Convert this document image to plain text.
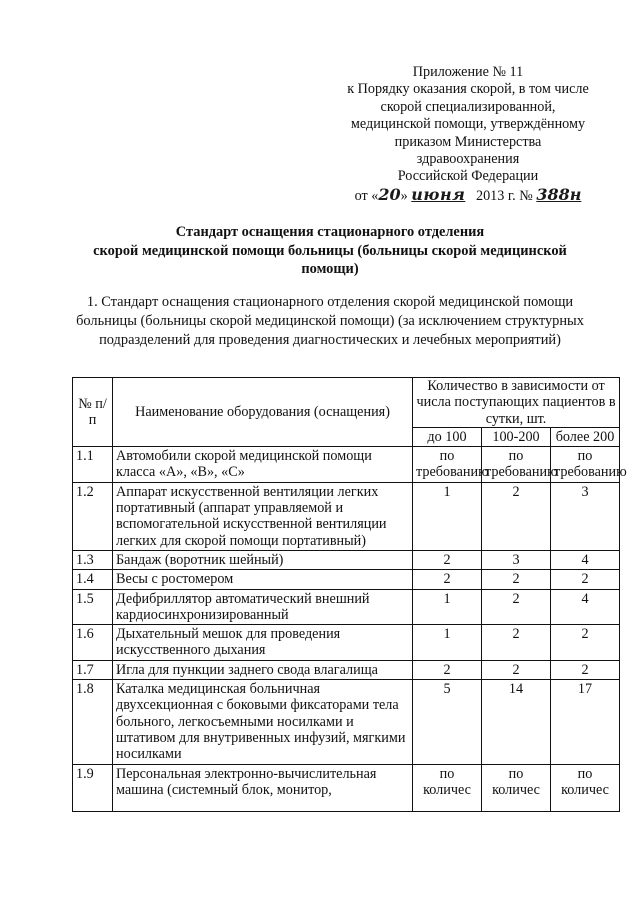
Приложение № 11
к Порядку оказания скорой, в том числе
скорой специализированной,
медицинской помощи, утверждённому
приказом Министерства
здравоохранения
Российской Федерации
от «20» июня 2013 г. № 388н
Стандарт оснащения стационарного отделения
скорой медицинской помощи больницы (больницы скорой медицинской
помощи)
1. Стандарт оснащения стационарного отделения скорой медицинской помощи больницы (больницы скорой медицинской помощи) (за исключением структурных подразделений для проведения диагностических и лечебных мероприятий)
№ п/п	Наименование оборудования (оснащения)	Количество в зависимости от числа поступающих пациентов в сутки, шт.		
		до 100	100-200	более 200
1.1	Автомобили скорой медицинской помощи класса «А», «В», «С»	по требованию	по требованию	по требованию
1.2	Аппарат искусственной вентиляции легких портативный (аппарат управляемой и вспомогательной искусственной вентиляции легких для скорой помощи портативный)	1	2	3
1.3	Бандаж (воротник шейный)	2	3	4
1.4	Весы с ростомером	2	2	2
1.5	Дефибриллятор автоматический внешний кардиосинхронизированный	1	2	4
1.6	Дыхательный мешок для проведения искусственного дыхания	1	2	2
1.7	Игла для пункции заднего свода влагалища	2	2	2
1.8	Каталка медицинская больничная двухсекционная с боковыми фиксаторами тела больного, легкосъемными носилками и штативом для внутривенных инфузий, мягкими носилками	5	14	17
1.9	Персональная электронно-вычислительная машина (системный блок, монитор,	по количес	по количес	по количес
